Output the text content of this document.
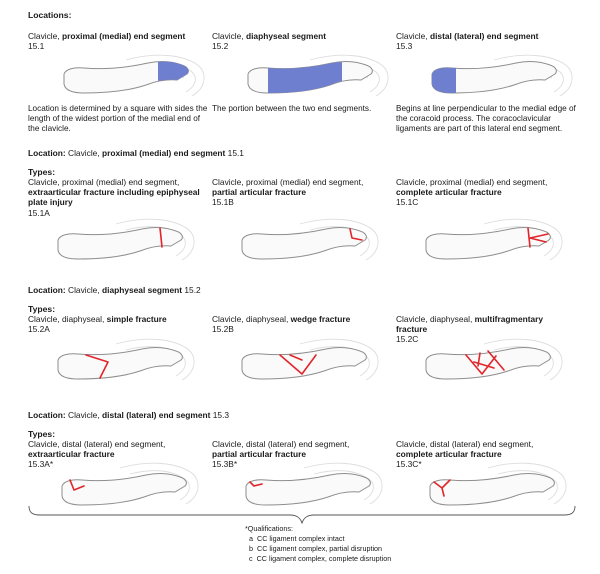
Locations:
Clavicle, proximal (medial) end segment
15.1
Clavicle, diaphyseal segment
15.2
Clavicle, distal (lateral) end segment
15.3
Location is determined by a square with sides the length of the widest portion of the medial end of the clavicle.
The portion between the two end segments.	Begins at line perpendicular to the medial edge of the coracoid process. The coracoclavicular ligaments are part of this lateral end segment.
Location: Clavicle, proximal (medial) end segment 15.1
Types:
Clavicle, proximal (medial) end segment,
extraarticular fracture including epiphyseal plate injury
15.1A
Clavicle, proximal (medial) end segment,
partial articular fracture
15.1B
Clavicle, proximal (medial) end segment,
complete articular fracture
15.1C
Location: Clavicle, diaphyseal segment 15.2
Types:
Clavicle, diaphyseal, simple fracture
15.2A
Clavicle, diaphyseal, wedge fracture
15.2B
Clavicle, diaphyseal, multifragmentary fracture
15.2C
Location: Clavicle, distal (lateral) end segment 15.3
Types:
Clavicle, distal (lateral) end segment,
extraarticular fracture
15.3A*
Clavicle, distal (lateral) end segment,
partial articular fracture
15.3B*
Clavicle, distal (lateral) end segment,
complete articular fracture
15.3C*
*Qualifications:
a CC ligament complex intact
b CC ligament complex, partial disruption
c CC ligament complex, complete disruption
